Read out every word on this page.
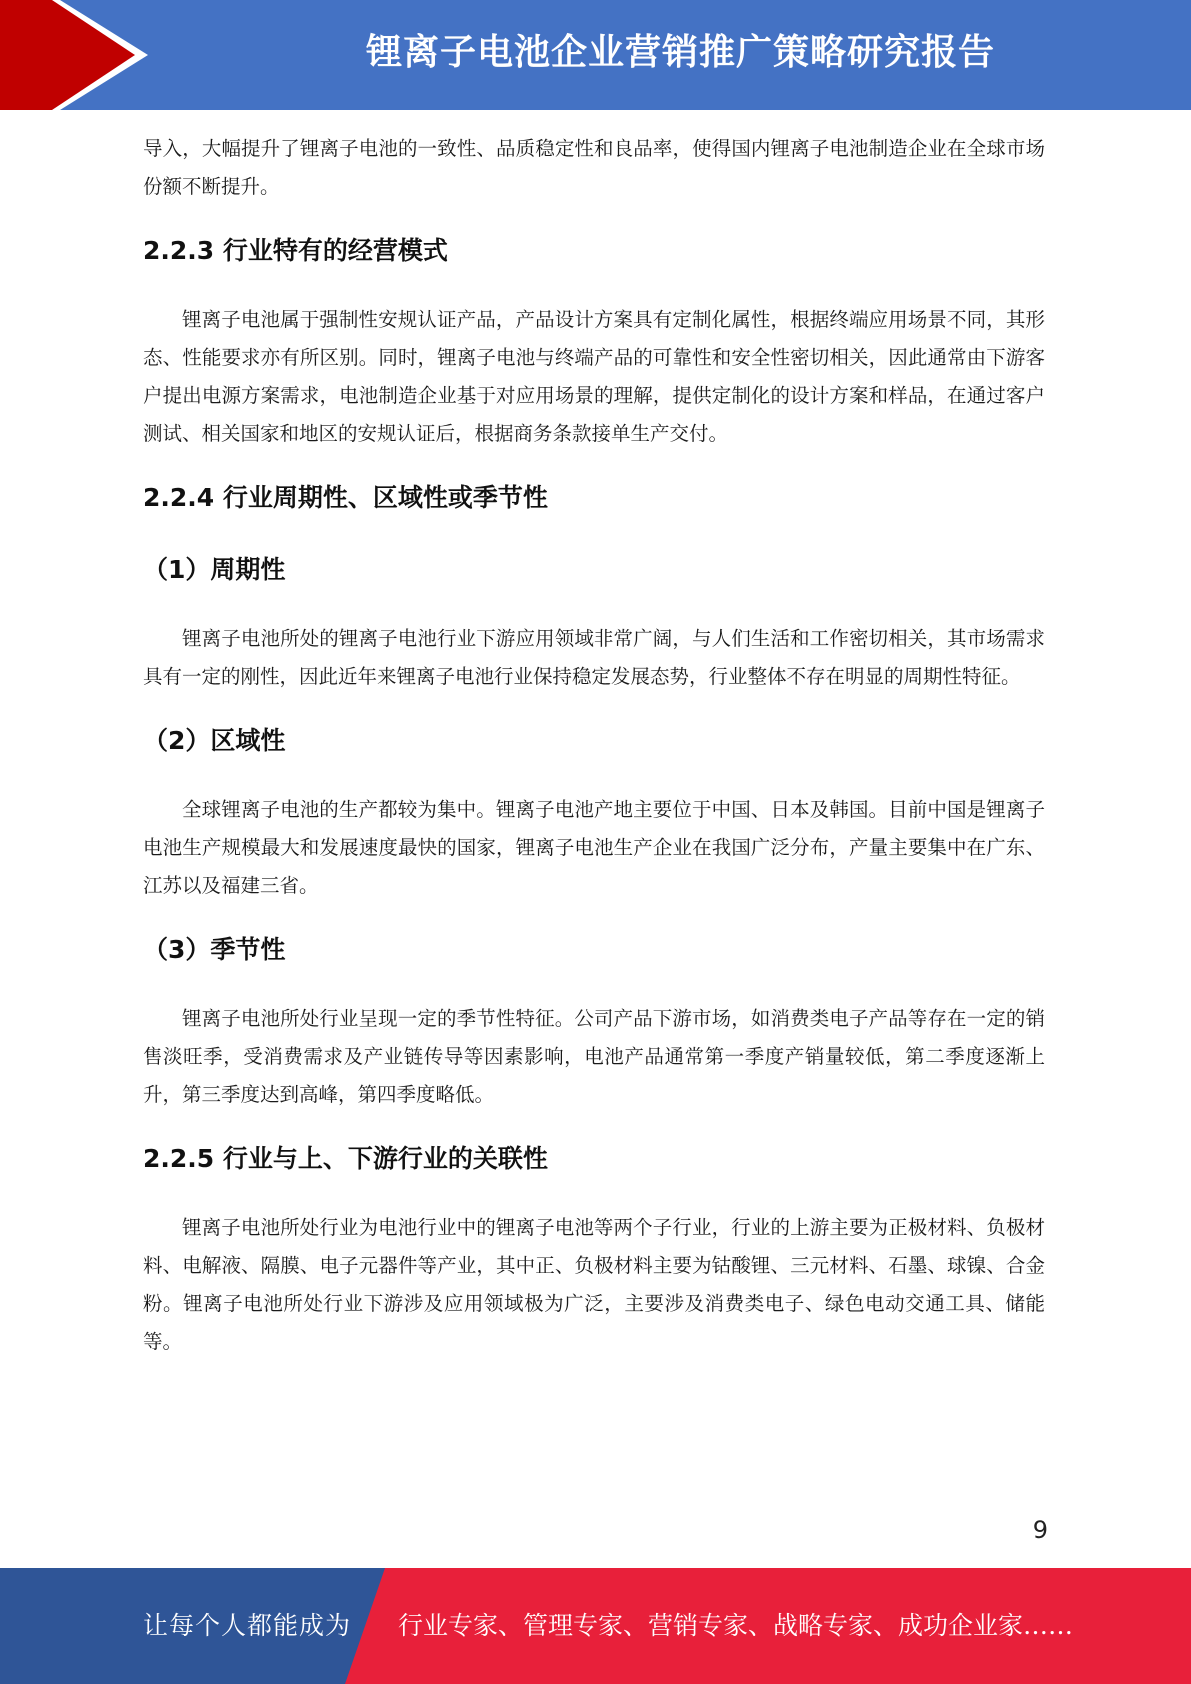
锂离子电池企业营销推广策略研究报告

导入，大幅提升了锂离子电池的一致性、品质稳定性和良品率，使得国内锂离子电池制造企业在全球市场份额不断提升。

2.2.3 行业特有的经营模式

锂离子电池属于强制性安规认证产品，产品设计方案具有定制化属性，根据终端应用场景不同，其形态、性能要求亦有所区别。同时，锂离子电池与终端产品的可靠性和安全性密切相关，因此通常由下游客户提出电源方案需求，电池制造企业基于对应用场景的理解，提供定制化的设计方案和样品，在通过客户测试、相关国家和地区的安规认证后，根据商务条款接单生产交付。

2.2.4 行业周期性、区域性或季节性
（1）周期性

锂离子电池所处的锂离子电池行业下游应用领域非常广阔，与人们生活和工作密切相关，其市场需求具有一定的刚性，因此近年来锂离子电池行业保持稳定发展态势，行业整体不存在明显的周期性特征。

（2）区域性

全球锂离子电池的生产都较为集中。锂离子电池产地主要位于中国、日本及韩国。目前中国是锂离子电池生产规模最大和发展速度最快的国家，锂离子电池生产企业在我国广泛分布，产量主要集中在广东、江苏以及福建三省。

（3）季节性

锂离子电池所处行业呈现一定的季节性特征。公司产品下游市场，如消费类电子产品等存在一定的销售淡旺季，受消费需求及产业链传导等因素影响，电池产品通常第一季度产销量较低，第二季度逐渐上升，第三季度达到高峰，第四季度略低。

2.2.5 行业与上、下游行业的关联性

锂离子电池所处行业为电池行业中的锂离子电池等两个子行业，行业的上游主要为正极材料、负极材料、电解液、隔膜、电子元器件等产业，其中正、负极材料主要为钴酸锂、三元材料、石墨、球镍、合金粉。锂离子电池所处行业下游涉及应用领域极为广泛，主要涉及消费类电子、绿色电动交通工具、储能等。

9
让每个人都能成为 行业专家、管理专家、营销专家、战略专家、成功企业家……
